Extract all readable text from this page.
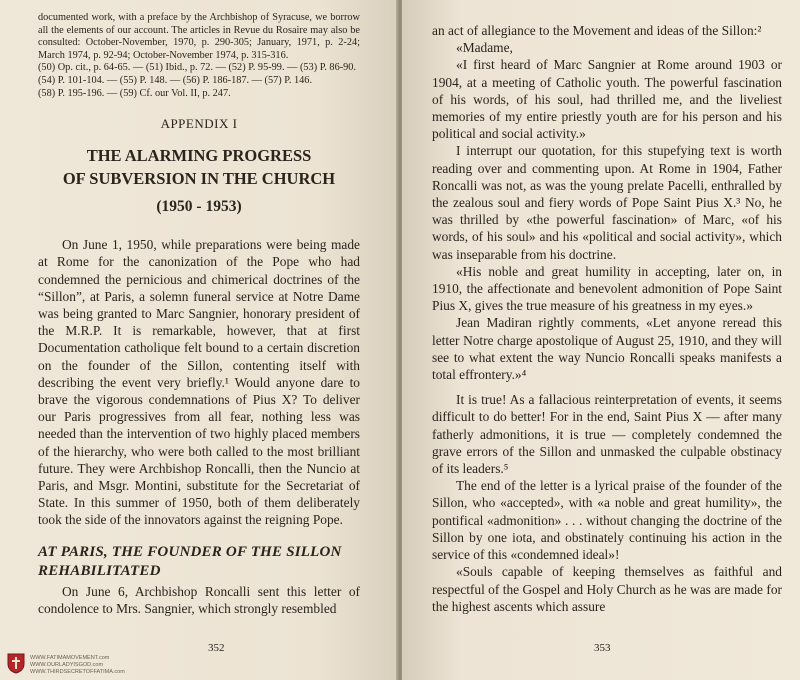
documented work, with a preface by the Archbishop of Syracuse, we borrow all the elements of our account. The articles in Revue du Rosaire may also be consulted: October-November, 1970, p. 290-305; January, 1971, p. 2-24; March 1974, p. 92-94; October-November 1974, p. 315-316.

(50) Op. cit., p. 64-65. — (51) Ibid., p. 72. — (52) P. 95-99. — (53) P. 86-90.

(54) P. 101-104. — (55) P. 148. — (56) P. 186-187. — (57) P. 146.

(58) P. 195-196. — (59) Cf. our Vol. II, p. 247.

APPENDIX I
THE ALARMING PROGRESS
OF SUBVERSION IN THE CHURCH
(1950 - 1953)

On June 1, 1950, while preparations were being made at Rome for the canonization of the Pope who had condemned the pernicious and chimerical doctrines of the “Sillon”, at Paris, a solemn funeral service at Notre Dame was being granted to Marc Sangnier, honorary president of the M.R.P. It is remarkable, however, that at first Documentation catholique felt bound to a certain discretion on the founder of the Sillon, contenting itself with describing the event very briefly.¹ Would anyone dare to brave the vigorous condemnations of Pius X? To deliver our Paris progressives from all fear, nothing less was needed than the intervention of two highly placed members of the hierarchy, who were both called to the most brilliant future. They were Archbishop Roncalli, then the Nuncio at Paris, and Msgr. Montini, substitute for the Secretariat of State. In this summer of 1950, both of them deliberately took the side of the innovators against the reigning Pope.

AT PARIS, THE FOUNDER OF THE SILLON REHABILITATED

On June 6, Archbishop Roncalli sent this letter of condolence to Mrs. Sangnier, which strongly resembled

352
WWW.FATIMAMOVEMENT.com
WWW.OURLADYISGOD.com
WWW.THIRDSECRETOFFATIMA.com

an act of allegiance to the Movement and ideas of the Sillon:²

«Madame,

«I first heard of Marc Sangnier at Rome around 1903 or 1904, at a meeting of Catholic youth. The powerful fascination of his words, of his soul, had thrilled me, and the liveliest memories of my entire priestly youth are for his person and his political and social activity.»

I interrupt our quotation, for this stupefying text is worth reading over and commenting upon. At Rome in 1904, Father Roncalli was not, as was the young prelate Pacelli, enthralled by the zealous soul and fiery words of Pope Saint Pius X.³ No, he was thrilled by «the powerful fascination» of Marc, «of his words, of his soul» and his «political and social activity», which was inseparable from his doctrine.

«His noble and great humility in accepting, later on, in 1910, the affectionate and benevolent admonition of Pope Saint Pius X, gives the true measure of his greatness in my eyes.»

Jean Madiran rightly comments, «Let anyone reread this letter Notre charge apostolique of August 25, 1910, and they will see to what extent the way Nuncio Roncalli speaks manifests a total effrontery.»⁴

It is true! As a fallacious reinterpretation of events, it seems difficult to do better! For in the end, Saint Pius X — after many fatherly admonitions, it is true — completely condemned the grave errors of the Sillon and unmasked the culpable obstinacy of its leaders.⁵

The end of the letter is a lyrical praise of the founder of the Sillon, who «accepted», with «a noble and great humility», the pontifical «admonition» . . . without changing the doctrine of the Sillon by one iota, and obstinately continuing his action in the service of this «condemned ideal»!

«Souls capable of keeping themselves as faithful and respectful of the Gospel and Holy Church as he was are made for the highest ascents which assure

353
